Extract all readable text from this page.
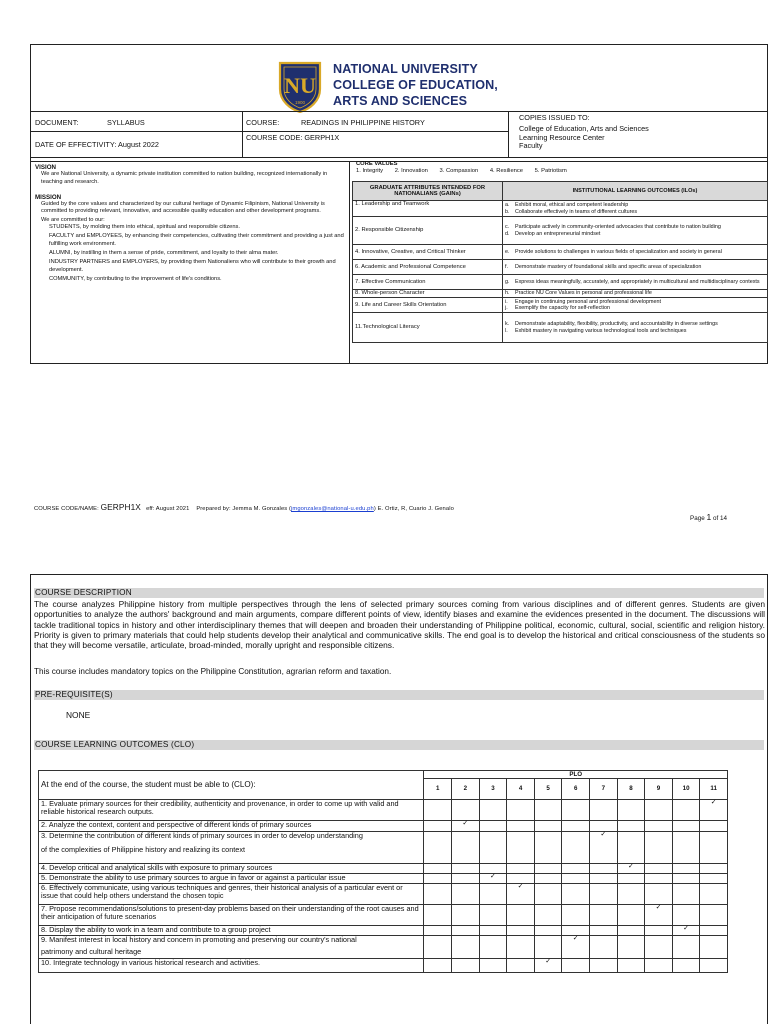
NU
1900
NATIONAL UNIVERSITY
COLLEGE OF EDUCATION,
ARTS AND SCIENCES
DOCUMENT:	SYLLABUS	COURSE:	READINGS IN PHILIPPINE HISTORY
COPIES ISSUED TO:
College of Education, Arts and Sciences
Learning Resource Center
Faculty
DATE OF EFFECTIVITY: August 2022
COURSE CODE: GERPH1X
VISION

We are National University, a dynamic private institution committed to nation building, recognized internationally in teaching and research.

MISSION

Guided by the core values and characterized by our cultural heritage of Dynamic Filipinism, National University is committed to providing relevant, innovative, and accessible quality education and other development programs.

We are committed to our:

STUDENTS, by molding them into ethical, spiritual and responsible citizens.

FACULTY and EMPLOYEES, by enhancing their competencies, cultivating their commitment and providing a just and fulfilling work environment.

ALUMNI, by instilling in them a sense of pride, commitment, and loyalty to their alma mater.

INDUSTRY PARTNERS and EMPLOYERS, by providing them Nationaliens who will contribute to their growth and development.

COMMUNITY, by contributing to the improvement of life's conditions.

CORE VALUES
1. Integrity 2. Innovation 3. Compassion 4. Resilience 5. Patriotism
GRADUATE ATTRIBUTES INTENDED FOR NATIONALIANS (GAINs)	INSTITUTIONAL LEARNING OUTCOMES (ILOs)
1. Leadership and Teamwork	a. Exhibit moral, ethical and competent leadership
b. Collaborate effectively in teams of different cultures

2. Responsible Citizenship	c. Participate actively in community-oriented advocacies that contribute to nation building
d. Develop an entrepreneurial mindset

4. Innovative, Creative, and Critical Thinker	e. Provide solutions to challenges in various fields of specialization and society in general

6. Academic and Professional Competence	f. Demonstrate mastery of foundational skills and specific areas of specialization

7. Effective Communication	g. Express ideas meaningfully, accurately, and appropriately in multicultural and multidisciplinary contexts

8. Whole-person Character	h. Practice NU Core Values in personal and professional life

9. Life and Career Skills Orientation	i. Engage in continuing personal and professional development
j. Exemplify the capacity for self-reflection

11.Technological Literacy	k. Demonstrate adaptability, flexibility, productivity, and accountability in diverse settings
l. Exhibit mastery in navigating various technological tools and techniques
COURSE CODE/NAME: GERPH1X eff: August 2021 Prepared by: Jemma M. Gonzales (jmgonzales@national-u.edu.ph) E. Ortiz, R, Cuario J. Genalo
Page 1 of 14
COURSE DESCRIPTION
The course analyzes Philippine history from multiple perspectives through the lens of selected primary sources coming from various disciplines and of different genres. Students are given opportunities to analyze the authors' background and main arguments, compare different points of view, identify biases and examine the evidences presented in the document. The discussions will tackle traditional topics in history and other interdisciplinary themes that will deepen and broaden their understanding of Philippine political, economic, cultural, social, scientific and religion history. Priority is given to primary materials that could help students develop their analytical and communicative skills. The end goal is to develop the historical and critical consciousness of the students so that they will become versatile, articulate, broad-minded, morally upright and responsible citizens.
This course includes mandatory topics on the Philippine Constitution, agrarian reform and taxation.
PRE-REQUISITE(S)
NONE
COURSE LEARNING OUTCOMES (CLO)
At the end of the course, the student must be able to (CLO):	PLO										
	1	2	3	4	5	6	7	8	9	10	11

1. Evaluate primary sources for their credibility, authenticity and provenance, in order to come up with valid and reliable historical research outputs.											✓

2. Analyze the context, content and perspective of different kinds of primary sources		✓									

3. Determine the contribution of different kinds of primary sources in order to develop understanding
of the complexities of Philippine history and realizing its context							✓				

4. Develop critical and analytical skills with exposure to primary sources								✓			

5. Demonstrate the ability to use primary sources to argue in favor or against a particular issue			✓								

6. Effectively communicate, using various techniques and genres, their historical analysis of a particular event or issue that could help others understand the chosen topic				✓							

7. Propose recommendations/solutions to present-day problems based on their understanding of the root causes and their anticipation of future scenarios									✓		

8. Display the ability to work in a team and contribute to a group project										✓	

9. Manifest interest in local history and concern in promoting and preserving our country's national
patrimony and cultural heritage						✓					

10. Integrate technology in various historical research and activities.					✓						
